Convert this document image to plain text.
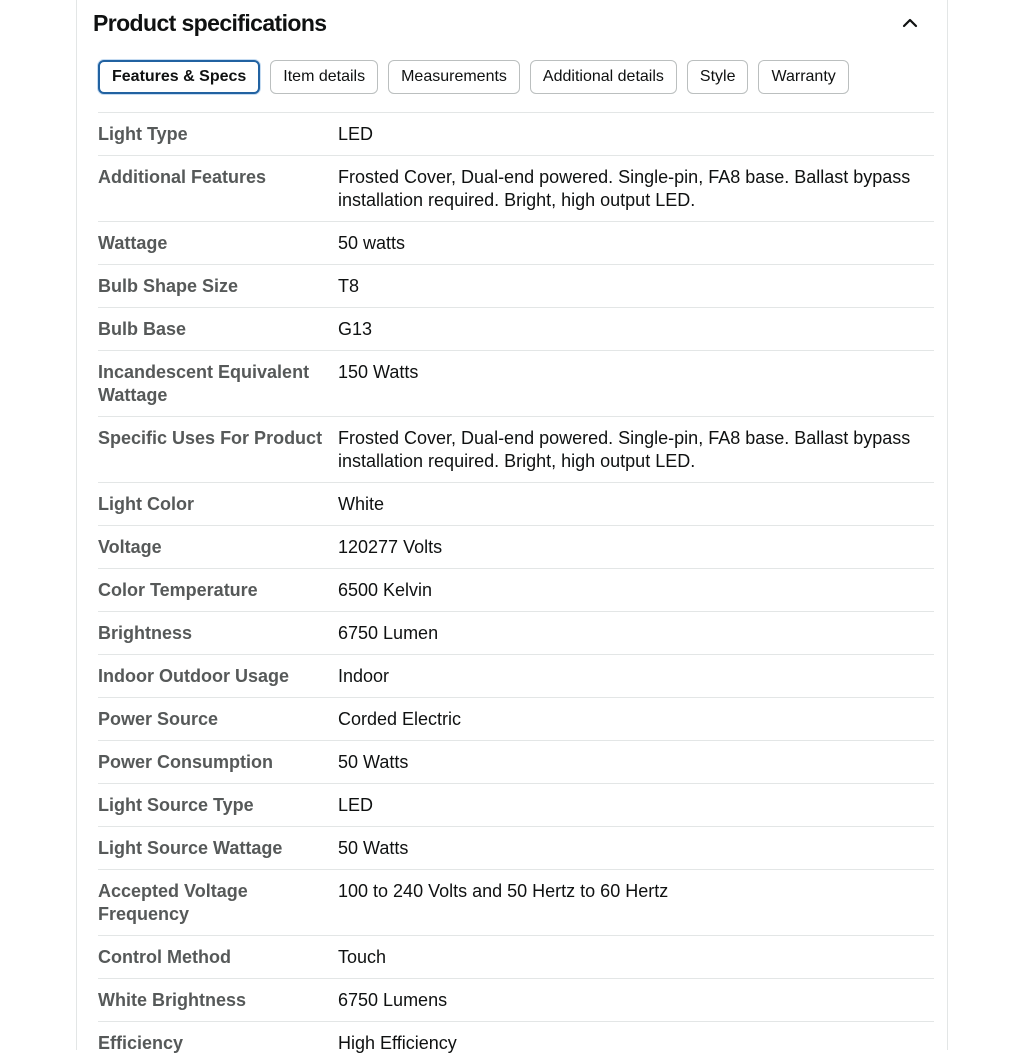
Product specifications
Features & Specs	Item details	Measurements	Additional details	Style	Warranty
Light Type	LED
Additional Features	Frosted Cover, Dual-end powered. Single-pin, FA8 base. Ballast bypass installation required. Bright, high output LED.
Wattage	50 watts
Bulb Shape Size	T8
Bulb Base	G13
Incandescent Equivalent Wattage	150 Watts
Specific Uses For Product	Frosted Cover, Dual-end powered. Single-pin, FA8 base. Ballast bypass installation required. Bright, high output LED.
Light Color	White
Voltage	120277 Volts
Color Temperature	6500 Kelvin
Brightness	6750 Lumen
Indoor Outdoor Usage	Indoor
Power Source	Corded Electric
Power Consumption	50 Watts
Light Source Type	LED
Light Source Wattage	50 Watts
Accepted Voltage Frequency	100 to 240 Volts and 50 Hertz to 60 Hertz
Control Method	Touch
White Brightness	6750 Lumens
Efficiency	High Efficiency
